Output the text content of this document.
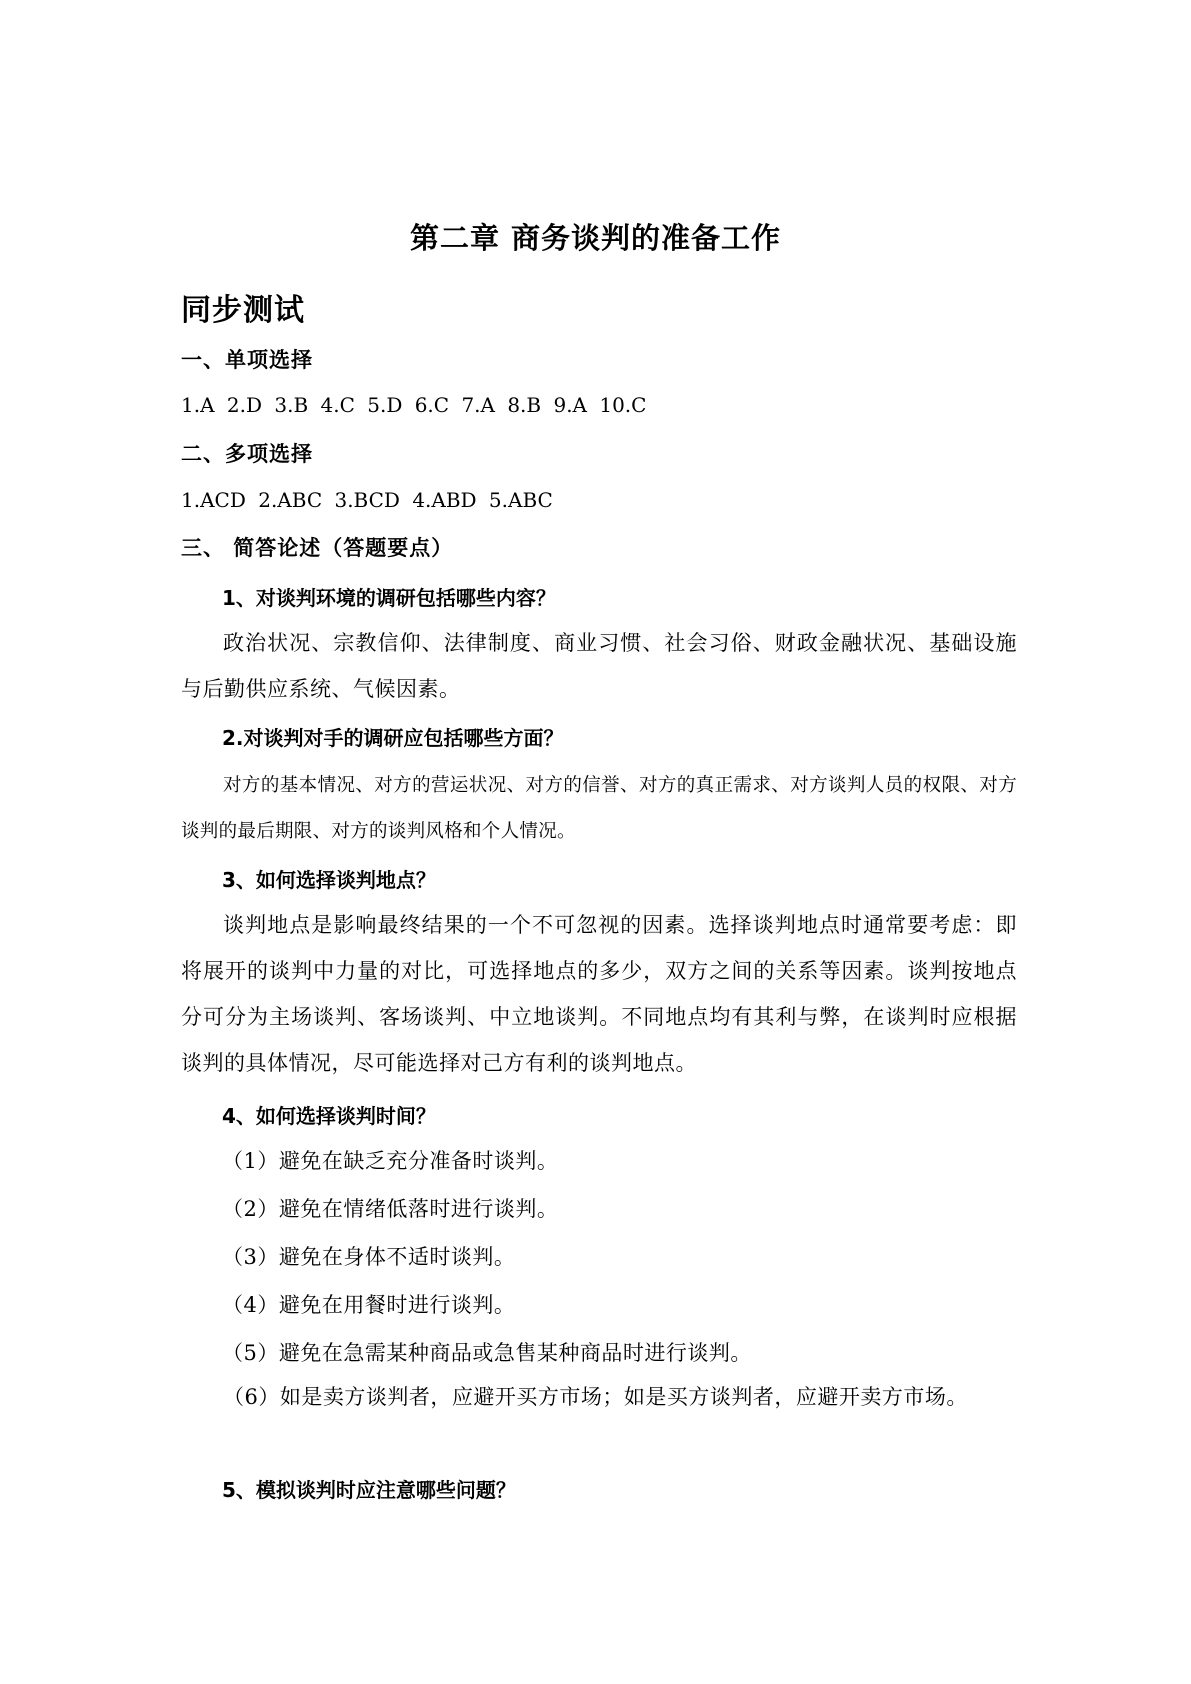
第二章 商务谈判的准备工作
同步测试
一、单项选择
1.A 2.D 3.B 4.C 5.D 6.C 7.A 8.B 9.A 10.C
二、多项选择
1.ACD 2.ABC 3.BCD 4.ABD 5.ABC
三、 简答论述（答题要点）
1、对谈判环境的调研包括哪些内容？
政治状况、宗教信仰、法律制度、商业习惯、社会习俗、财政金融状况、基础设施与后勤供应系统、气候因素。
2.对谈判对手的调研应包括哪些方面？
对方的基本情况、对方的营运状况、对方的信誉、对方的真正需求、对方谈判人员的权限、对方谈判的最后期限、对方的谈判风格和个人情况。
3、如何选择谈判地点？
谈判地点是影响最终结果的一个不可忽视的因素。选择谈判地点时通常要考虑：即将展开的谈判中力量的对比，可选择地点的多少，双方之间的关系等因素。谈判按地点分可分为主场谈判、客场谈判、中立地谈判。不同地点均有其利与弊，在谈判时应根据谈判的具体情况，尽可能选择对己方有利的谈判地点。
4、如何选择谈判时间？
（1）避免在缺乏充分准备时谈判。
（2）避免在情绪低落时进行谈判。
（3）避免在身体不适时谈判。
（4）避免在用餐时进行谈判。
（5）避免在急需某种商品或急售某种商品时进行谈判。
（6）如是卖方谈判者，应避开买方市场；如是买方谈判者，应避开卖方市场。
5、模拟谈判时应注意哪些问题？
